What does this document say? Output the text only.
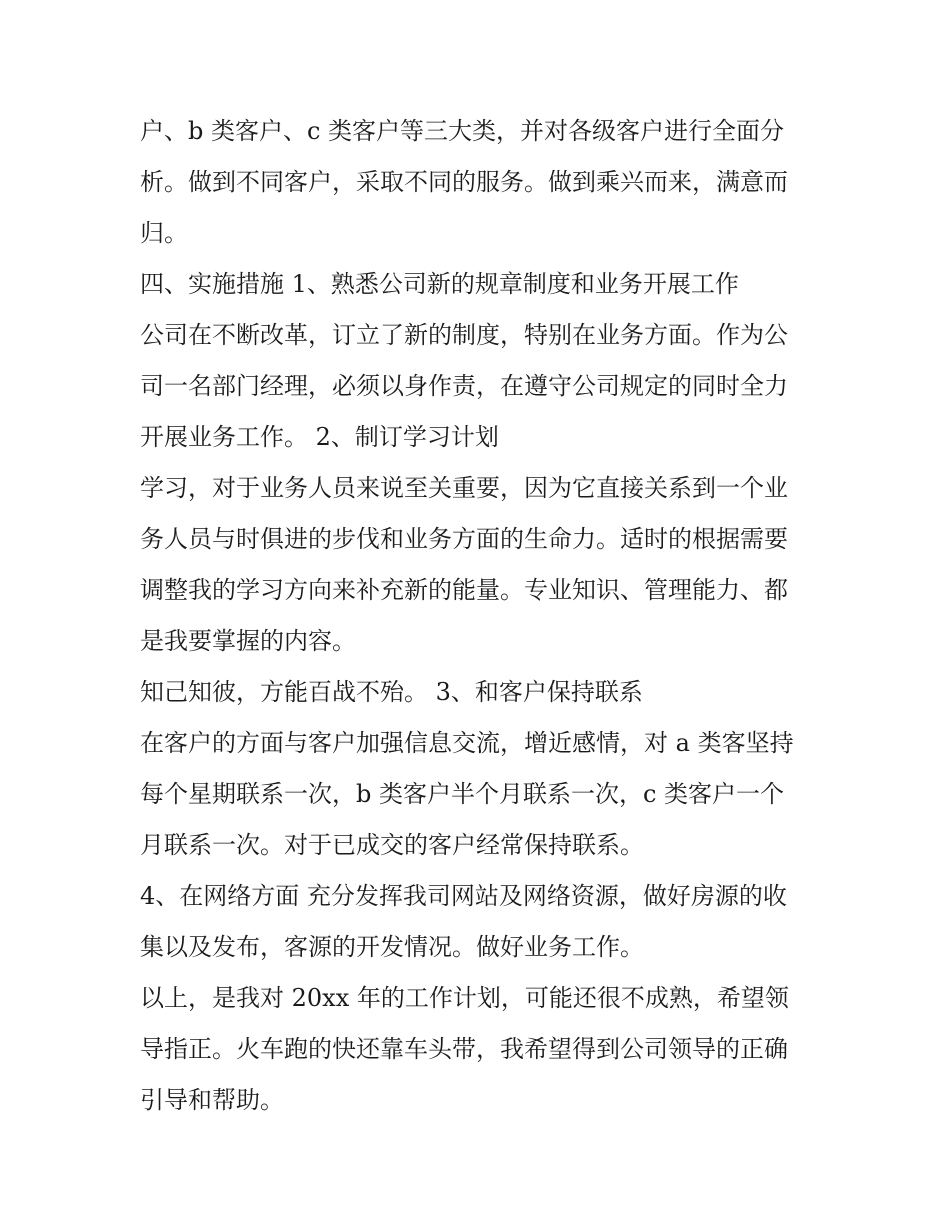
户、b 类客户、c 类客户等三大类，并对各级客户进行全面分
析。做到不同客户，采取不同的服务。做到乘兴而来，满意而
归。
四、实施措施 1、熟悉公司新的规章制度和业务开展工作
公司在不断改革，订立了新的制度，特别在业务方面。作为公
司一名部门经理，必须以身作责，在遵守公司规定的同时全力
开展业务工作。 2、制订学习计划
学习，对于业务人员来说至关重要，因为它直接关系到一个业
务人员与时俱进的步伐和业务方面的生命力。适时的根据需要
调整我的学习方向来补充新的能量。专业知识、管理能力、都
是我要掌握的内容。
知己知彼，方能百战不殆。 3、和客户保持联系
在客户的方面与客户加强信息交流，增近感情，对 a 类客坚持
每个星期联系一次，b 类客户半个月联系一次，c 类客户一个
月联系一次。对于已成交的客户经常保持联系。
4、在网络方面 充分发挥我司网站及网络资源，做好房源的收
集以及发布，客源的开发情况。做好业务工作。
以上，是我对 20xx 年的工作计划，可能还很不成熟，希望领
导指正。火车跑的快还靠车头带，我希望得到公司领导的正确
引导和帮助。
